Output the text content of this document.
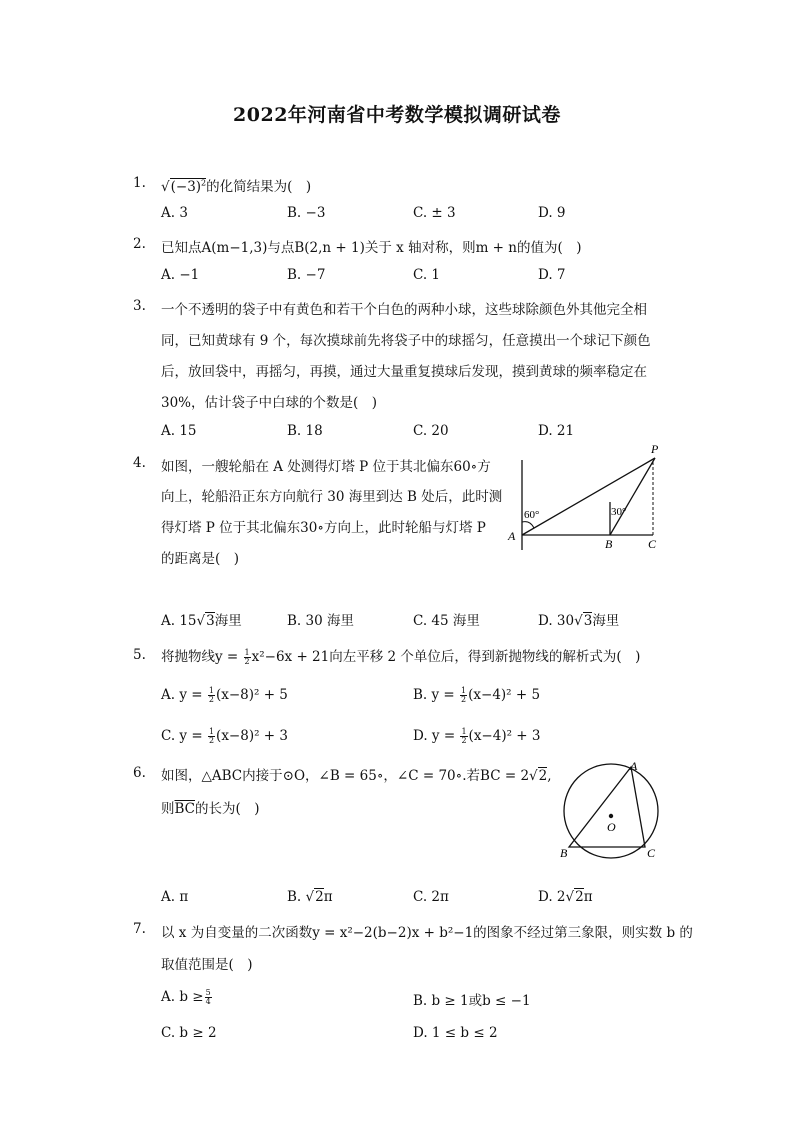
2022年河南省中考数学模拟调研试卷
1.	$√(-3)^2$的化简结果为(　)
A. 3	B. −3	C. ± 3	D. 9
2.	已知点A(m−1,3)与点B(2,n + 1)关于 x 轴对称，则m + n的值为(　)
A. −1	B. −7	C. 1	D. 7
3.	一个不透明的袋子中有黄色和若干个白色的两种小球，这些球除颜色外其他完全相
同，已知黄球有 9 个，每次摸球前先将袋子中的球摇匀，任意摸出一个球记下颜色
后，放回袋中，再摇匀，再摸，通过大量重复摸球后发现，摸到黄球的频率稳定在
30%，估计袋子中白球的个数是(　)
A. 15	B. 18	C. 20	D. 21
4.	如图，一艘轮船在 A 处测得灯塔 P 位于其北偏东60∘方
向上，轮船沿正东方向航行 30 海里到达 B 处后，此时测
得灯塔 P 位于其北偏东30∘方向上，此时轮船与灯塔 P
的距离是(　)
P
A
B	C
60°	30°
A. 15√3海里	B. 30 海里	C. 45 海里	D. 30√3海里
5.	将抛物线$y = \frac{1}{2} x^2-6x + 21$向左平移 2 个单位后，得到新抛物线的解析式为(　)
A. $y = \frac{1}{2} (x-8)^2 + 5$	B. $y = \frac{1}{2} (x-4)^2 + 5$
C. $y = \frac{1}{2} (x-8)^2 + 3$	D. $y = \frac{1}{2} (x-4)^2 + 3$
6.	如图，△ABC内接于⊙O，∠B = 65∘，∠C = 70∘.若BC = 2√2,
则$\overline{BC}$的长为(　)
A
B	C
O
A. π	B. √2π	C. 2π	D. 2√2π
7.	以 x 为自变量的二次函数y = x²−2(b−2)x + b²−1的图象不经过第三象限，则实数 b 的
取值范围是(　)
A. $b \ge \frac{5}{4}$	B. b ≥ 1或b ≤ −1
C. b ≥ 2	D. 1 ≤ b ≤ 2
